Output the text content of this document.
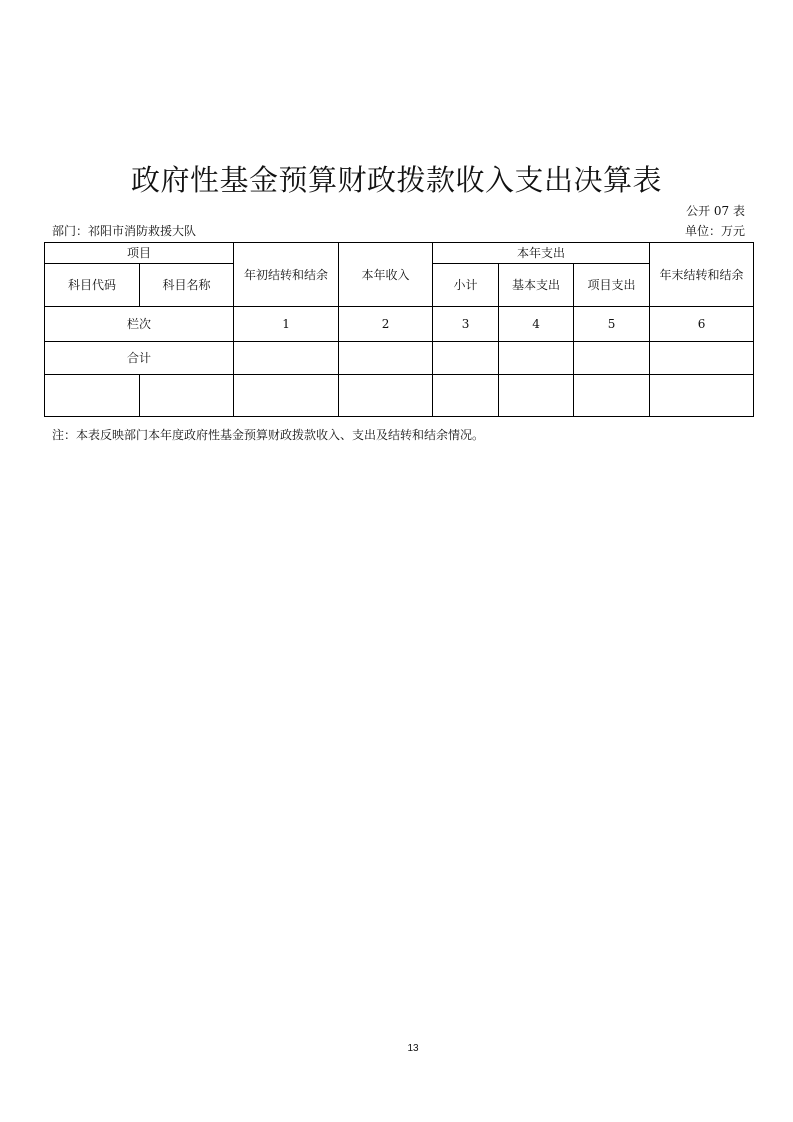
政府性基金预算财政拨款收入支出决算表
公开 07 表
部门：祁阳市消防救援大队	单位：万元
项目		年初结转和结余	本年收入	本年支出			年末结转和结余
科目代码	科目名称			小计	基本支出	项目支出	
栏次		1	2	3	4	5	6
合计							

注：本表反映部门本年度政府性基金预算财政拨款收入、支出及结转和结余情况。
13
